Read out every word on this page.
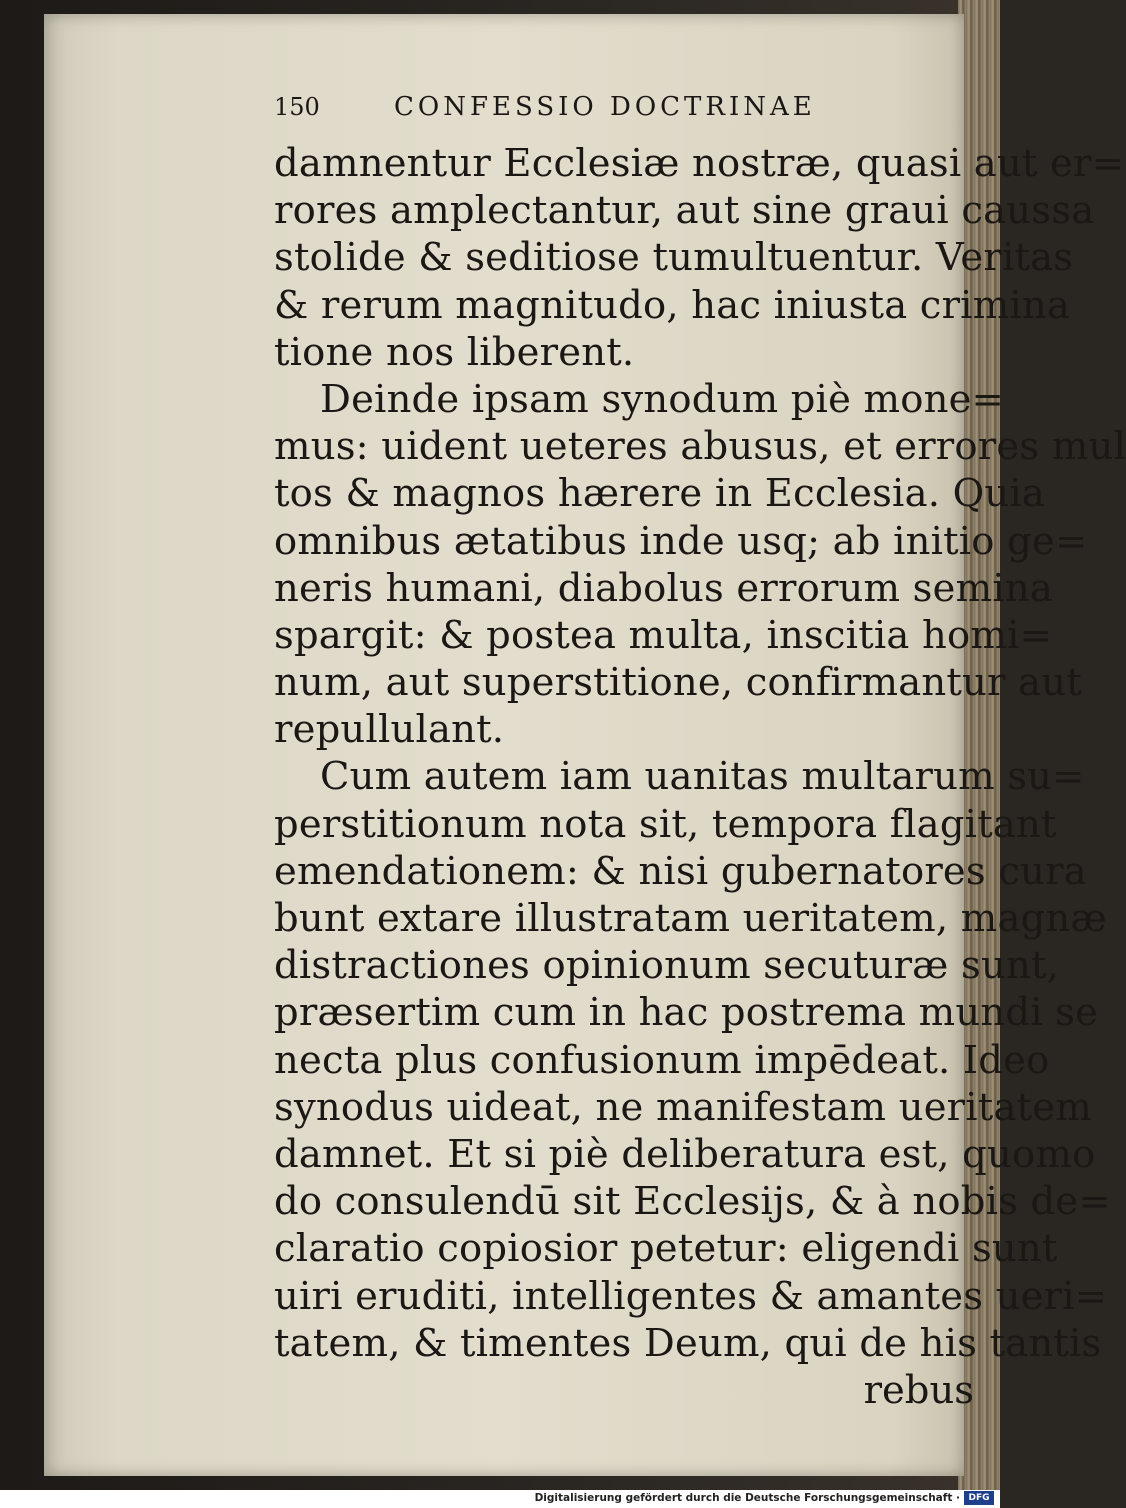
150	CONFESSIO DOCTRINAE
damnentur Ecclesiæ nostræ, quasi aut er=
rores amplectantur, aut sine graui caussa
stolide & seditiose tumultuentur. Veritas
& rerum magnitudo, hac iniusta crimina
tione nos liberent.
Deinde ipsam synodum piè mone=
mus: uident ueteres abusus, et errores mul
tos & magnos hærere in Ecclesia. Quia
omnibus ætatibus inde usq; ab initio ge=
neris humani, diabolus errorum semina
spargit: & postea multa, inscitia homi=
num, aut superstitione, confirmantur aut
repullulant.
Cum autem iam uanitas multarum su=
perstitionum nota sit, tempora flagitant
emendationem: & nisi gubernatores cura
bunt extare illustratam ueritatem, magnæ
distractiones opinionum secuturæ sunt,
præsertim cum in hac postrema mundi se
necta plus confusionum impēdeat. Ideo
synodus uideat, ne manifestam ueritatem
damnet. Et si piè deliberatura est, quomo
do consulendū sit Ecclesijs, & à nobis de=
claratio copiosior petetur: eligendi sunt
uiri eruditi, intelligentes & amantes ueri=
tatem, & timentes Deum, qui de his tantis
rebus
Digitalisierung gefördert durch die Deutsche Forschungsgemeinschaft · DFG
